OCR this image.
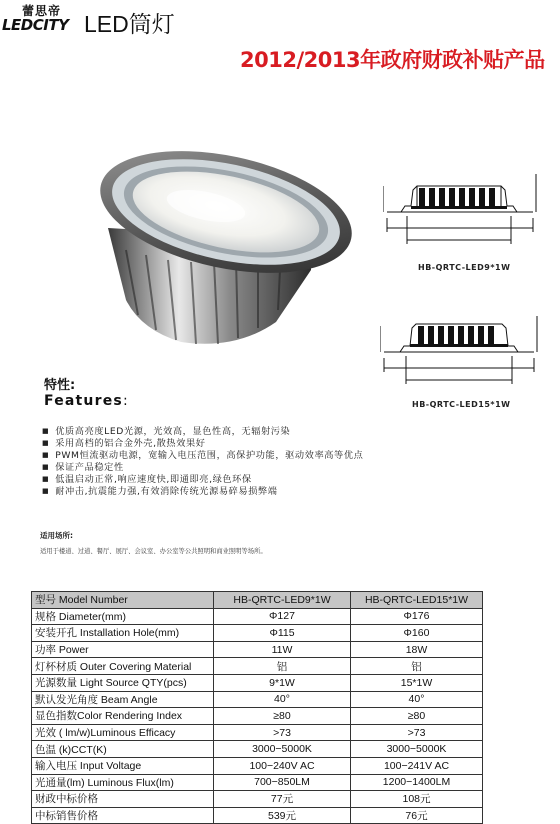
蕾思帝
LEDCITY LED筒灯
2012/2013年政府财政补贴产品
HB-QRTC-LED9*1W
HB-QRTC-LED15*1W
特性:
Features:
■ 优质高亮度LED光源，光效高，显色性高，无辐射污染
■ 采用高档的铝合金外壳,散热效果好
■ PWM恒流驱动电源，宽输入电压范围，高保护功能，驱动效率高等优点
■ 保证产品稳定性
■ 低温启动正常,响应速度快,即通即亮,绿色环保
■ 耐冲击,抗震能力强,有效消除传统光源易碎易损弊端
适用场所:
适用于楼道、过道、餐厅、展厅、会议室、办公室等公共照明和商业照明等场所。
型号 Model Number	HB-QRTC-LED9*1W	HB-QRTC-LED15*1W
规格 Diameter(mm)	Φ127	Φ176
安装开孔 Installation Hole(mm)	Φ115	Φ160
功率 Power	11W	18W
灯杯材质 Outer Covering Material	铝	铝
光源数量 Light Source QTY(pcs)	9*1W	15*1W
默认发光角度 Beam Angle	40°	40°
显色指数Color Rendering Index	≥80	≥80
光效 ( lm/w)Luminous Efficacy	>73	>73
色温 (k)CCT(K)	3000−5000K	3000−5000K
输入电压 Input Voltage	100−240V AC	100−241V AC
光通量(lm) Luminous Flux(lm)	700−850LM	1200−1400LM
财政中标价格	77元	108元
中标销售价格	539元	76元
